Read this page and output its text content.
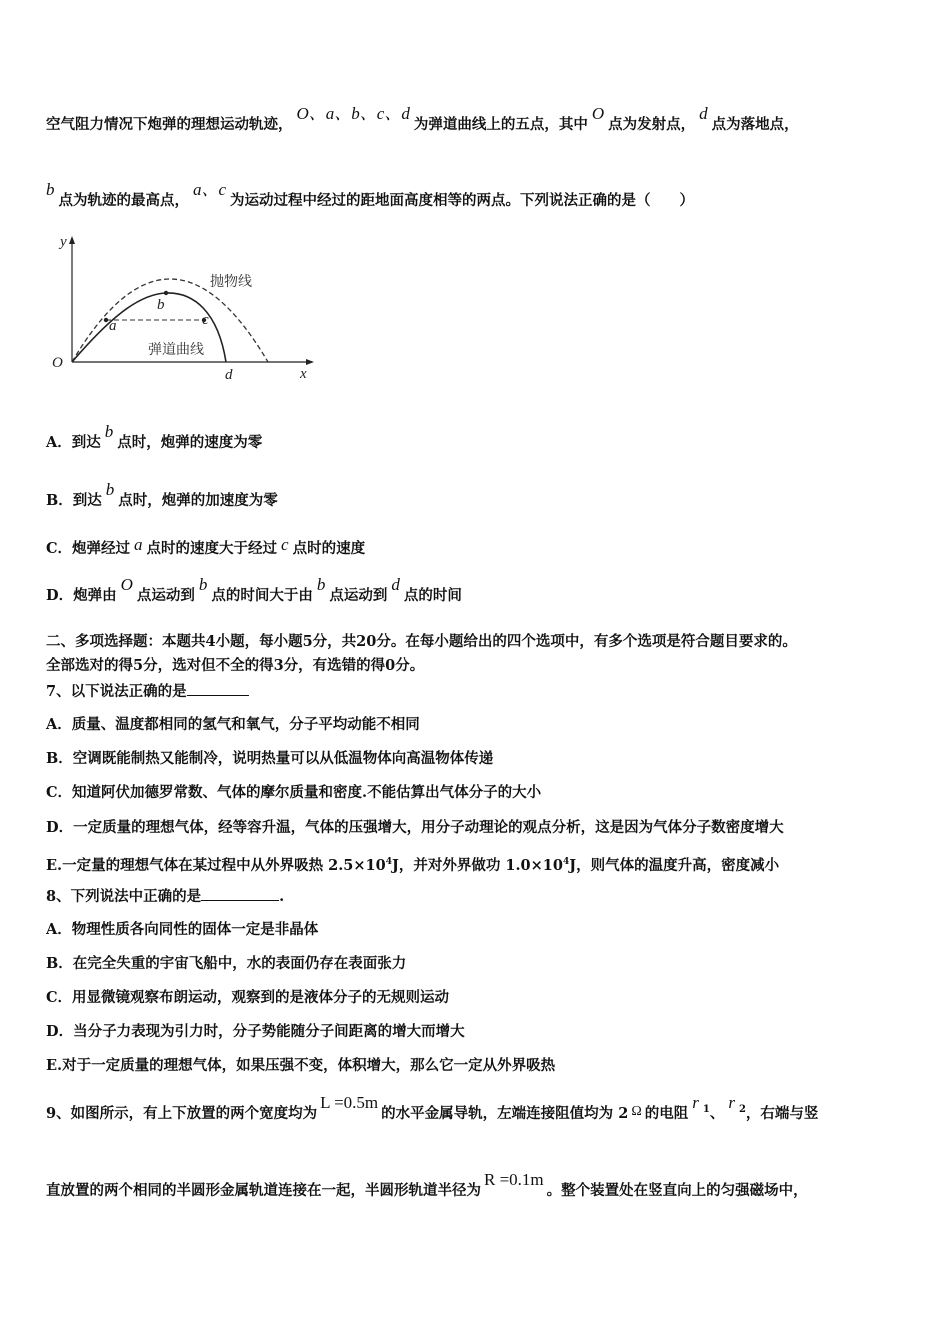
空气阻力情况下炮弹的理想运动轨迹，O、a、b、c、d为弹道曲线上的五点，其中O点为发射点，d点为落地点，
b点为轨迹的最高点，a、c为运动过程中经过的距地面高度相等的两点。下列说法正确的是（　　）
y
x
O
抛物线
弹道曲线
a
b
c
d
A．到达b点时，炮弹的速度为零
B．到达b点时，炮弹的加速度为零
C．炮弹经过 a 点时的速度大于经过 c 点时的速度
D．炮弹由O点运动到b点的时间大于由b点运动到d点的时间
二、多项选择题：本题共4小题，每小题5分，共20分。在每小题给出的四个选项中，有多个选项是符合题目要求的。
全部选对的得5分，选对但不全的得3分，有选错的得0分。
7、以下说法正确的是
A．质量、温度都相同的氢气和氧气，分子平均动能不相同
B．空调既能制热又能制冷，说明热量可以从低温物体向高温物体传递
C．知道阿伏加德罗常数、气体的摩尔质量和密度.不能估算出气体分子的大小
D．一定质量的理想气体，经等容升温，气体的压强增大，用分子动理论的观点分析，这是因为气体分子数密度增大
E.一定量的理想气体在某过程中从外界吸热 $2.5\times 10^4J$，并对外界做功 $1.0\times 10^4J$，则气体的温度升高，密度减小
8、下列说法中正确的是	.
A．物理性质各向同性的固体一定是非晶体
B．在完全失重的宇宙飞船中，水的表面仍存在表面张力
C．用显微镜观察布朗运动，观察到的是液体分子的无规则运动
D．当分子力表现为引力时，分子势能随分子间距离的增大而增大
E.对于一定质量的理想气体，如果压强不变，体积增大，那么它一定从外界吸热
9、如图所示，有上下放置的两个宽度均为L =0.5m的水平金属导轨，左端连接阻值均为 2 Ω 的电阻r $^1$、r $^2$，右端与竖
直放置的两个相同的半圆形金属轨道连接在一起，半圆形轨道半径为R =0.1m。整个装置处在竖直向上的匀强磁场中，
